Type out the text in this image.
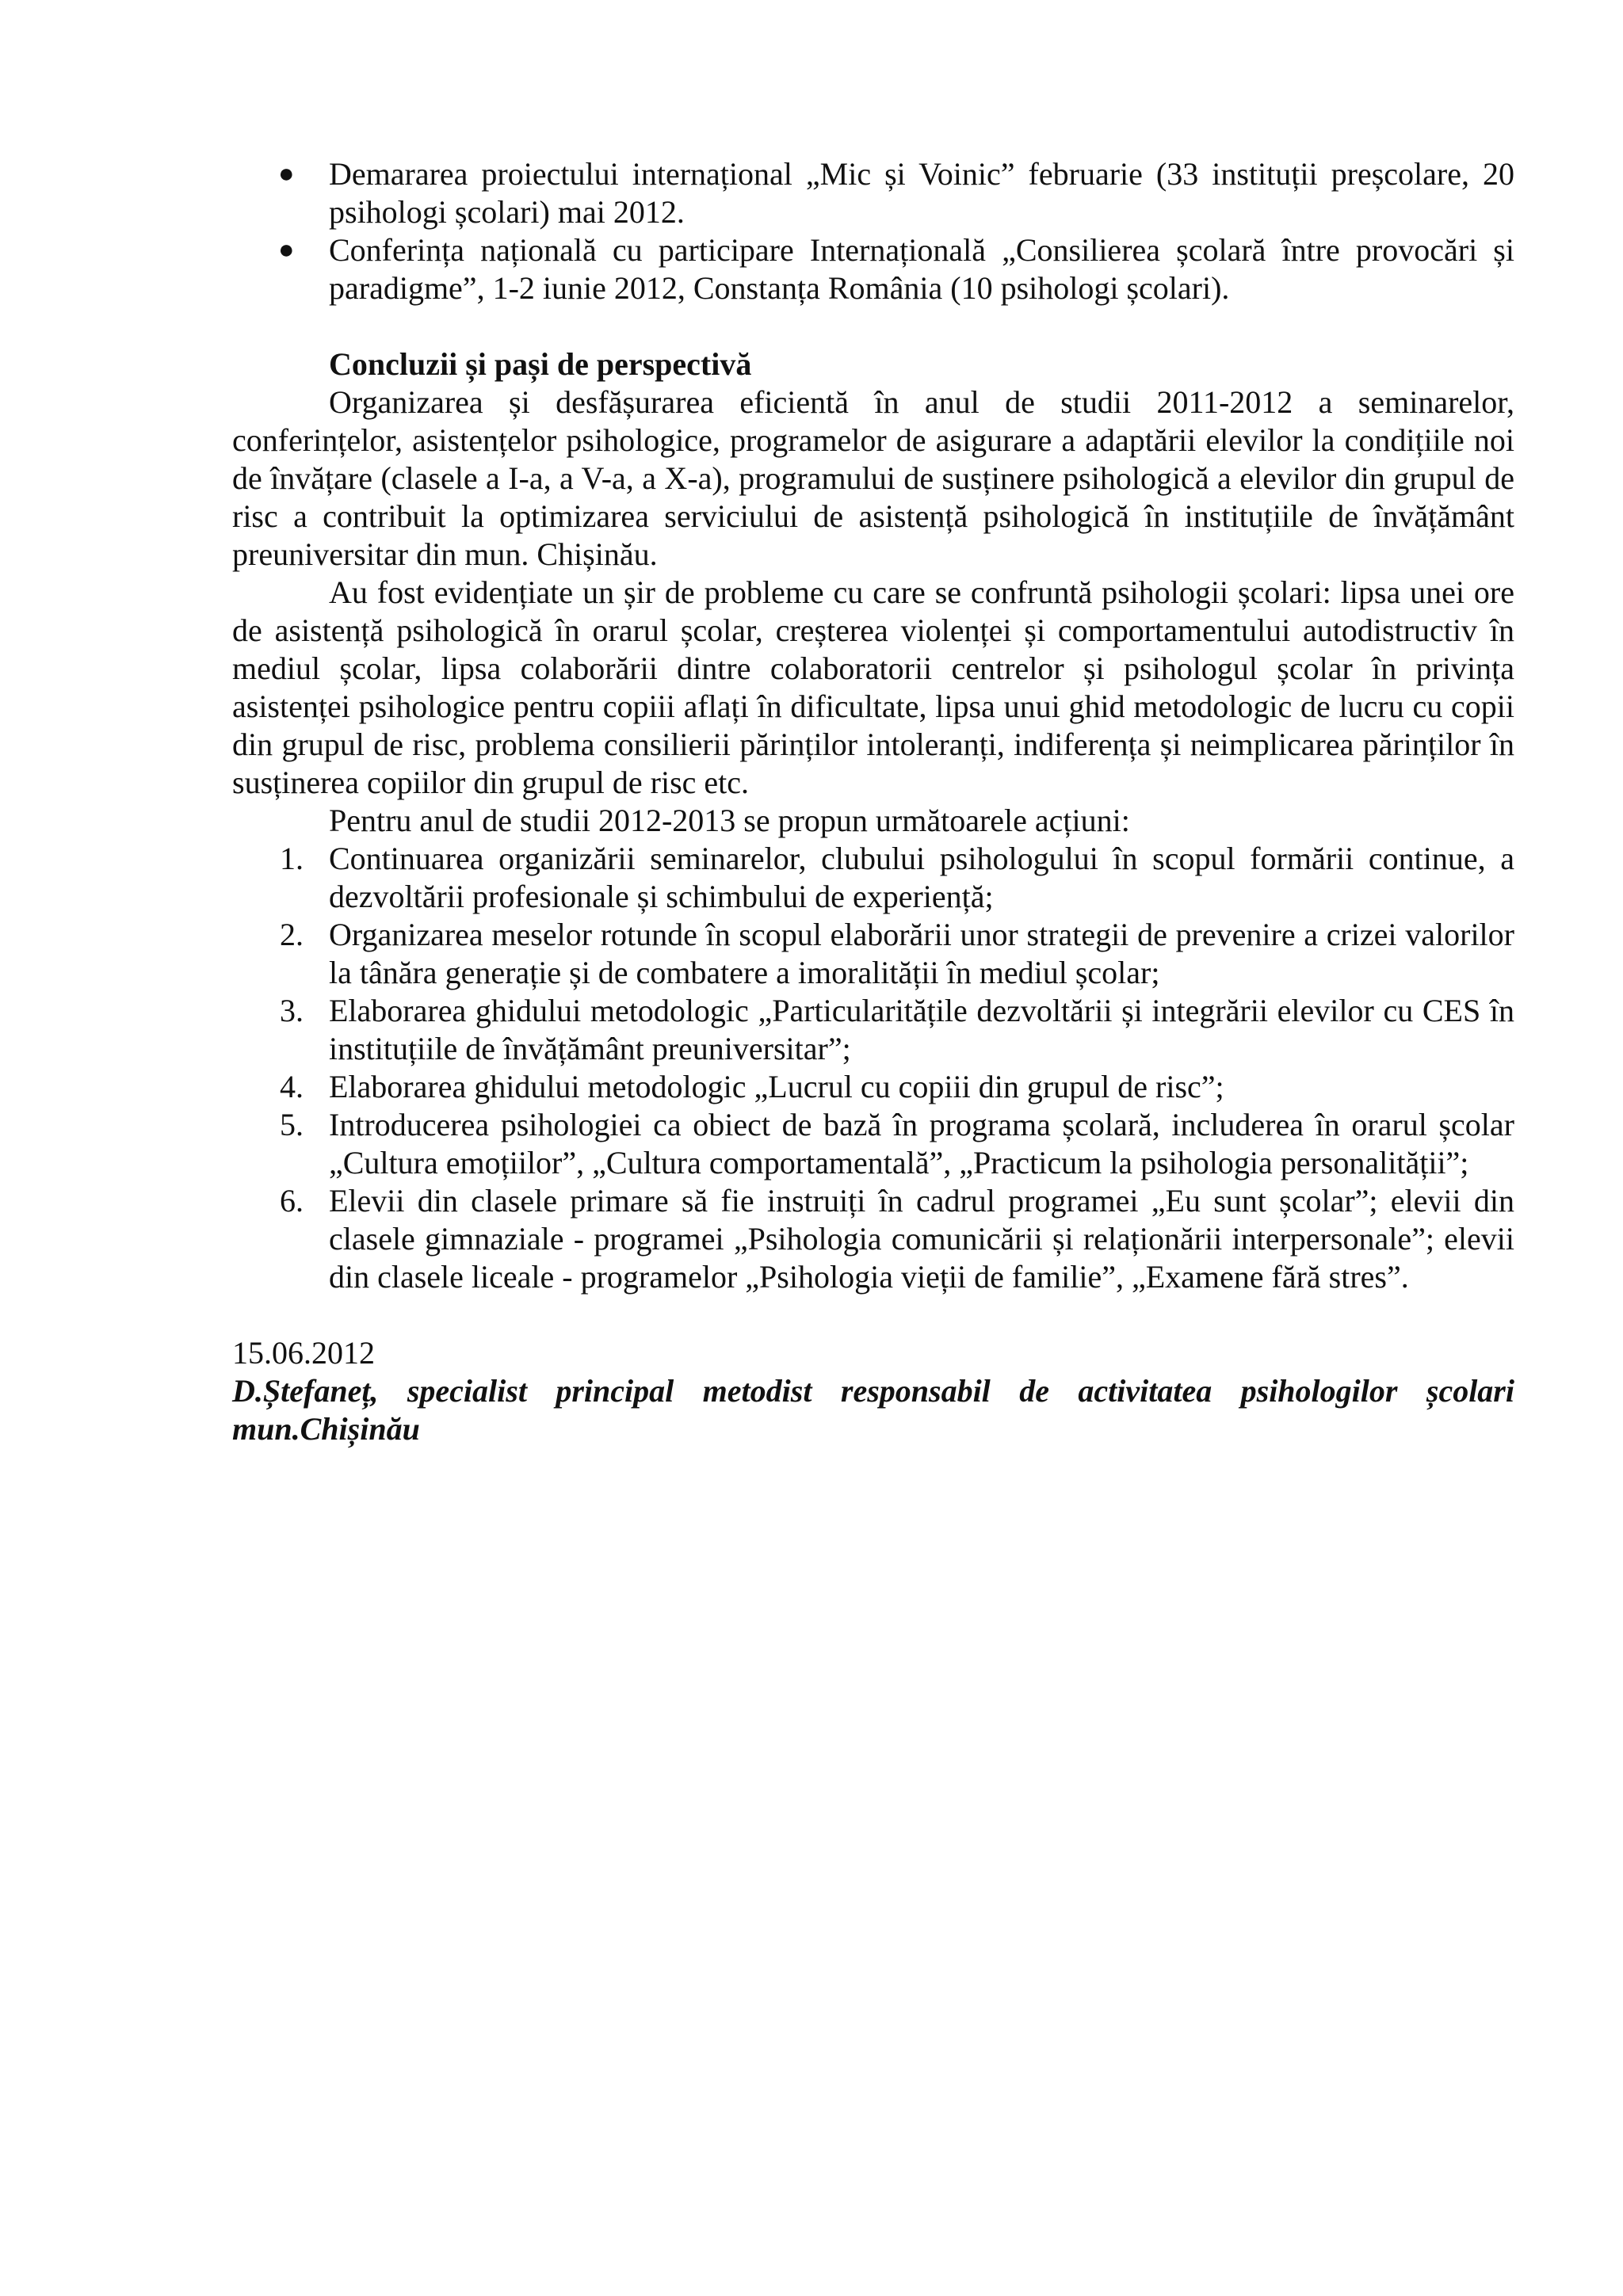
● Demararea proiectului internațional „Mic și Voinic” februarie (33 instituții preșcolare, 20 psihologi școlari) mai 2012.
● Conferința națională cu participare Internațională „Consilierea școlară între provocări și paradigme”, 1-2 iunie 2012, Constanța România (10 psihologi școlari).
Concluzii și pași de perspectivă

Organizarea și desfășurarea eficientă în anul de studii 2011-2012 a seminarelor, conferințelor, asistențelor psihologice, programelor de asigurare a adaptării elevilor la condițiile noi de învățare (clasele a I-a, a V-a, a X-a), programului de susținere psihologică a elevilor din grupul de risc a contribuit la optimizarea serviciului de asistență psihologică în instituțiile de învățământ preuniversitar din mun. Chișinău.

Au fost evidențiate un șir de probleme cu care se confruntă psihologii școlari: lipsa unei ore de asistență psihologică în orarul școlar, creșterea violenței și comportamentului autodistructiv în mediul școlar, lipsa colaborării dintre colaboratorii centrelor și psihologul școlar în privința asistenței psihologice pentru copiii aflați în dificultate, lipsa unui ghid metodologic de lucru cu copii din grupul de risc, problema consilierii părinților intoleranți, indiferența și neimplicarea părinților în susținerea copiilor din grupul de risc etc.

Pentru anul de studii 2012-2013 se propun următoarele acțiuni:

1. Continuarea organizării seminarelor, clubului psihologului în scopul formării continue, a dezvoltării profesionale și schimbului de experiență;
2. Organizarea meselor rotunde în scopul elaborării unor strategii de prevenire a crizei valorilor la tânăra generație și de combatere a imoralității în mediul școlar;
3. Elaborarea ghidului metodologic „Particularitățile dezvoltării și integrării elevilor cu CES în instituțiile de învățământ preuniversitar”;
4. Elaborarea ghidului metodologic „Lucrul cu copiii din grupul de risc”;
5. Introducerea psihologiei ca obiect de bază în programa școlară, includerea în orarul școlar „Cultura emoțiilor”, „Cultura comportamentală”, „Practicum la psihologia personalității”;
6. Elevii din clasele primare să fie instruiți în cadrul programei „Eu sunt școlar”; elevii din clasele gimnaziale - programei „Psihologia comunicării și relaționării interpersonale”; elevii din clasele liceale - programelor „Psihologia vieții de familie”, „Examene fără stres”.
15.06.2012
D.Ștefaneț, specialist principal metodist responsabil de activitatea psihologilor școlari mun.Chișinău
